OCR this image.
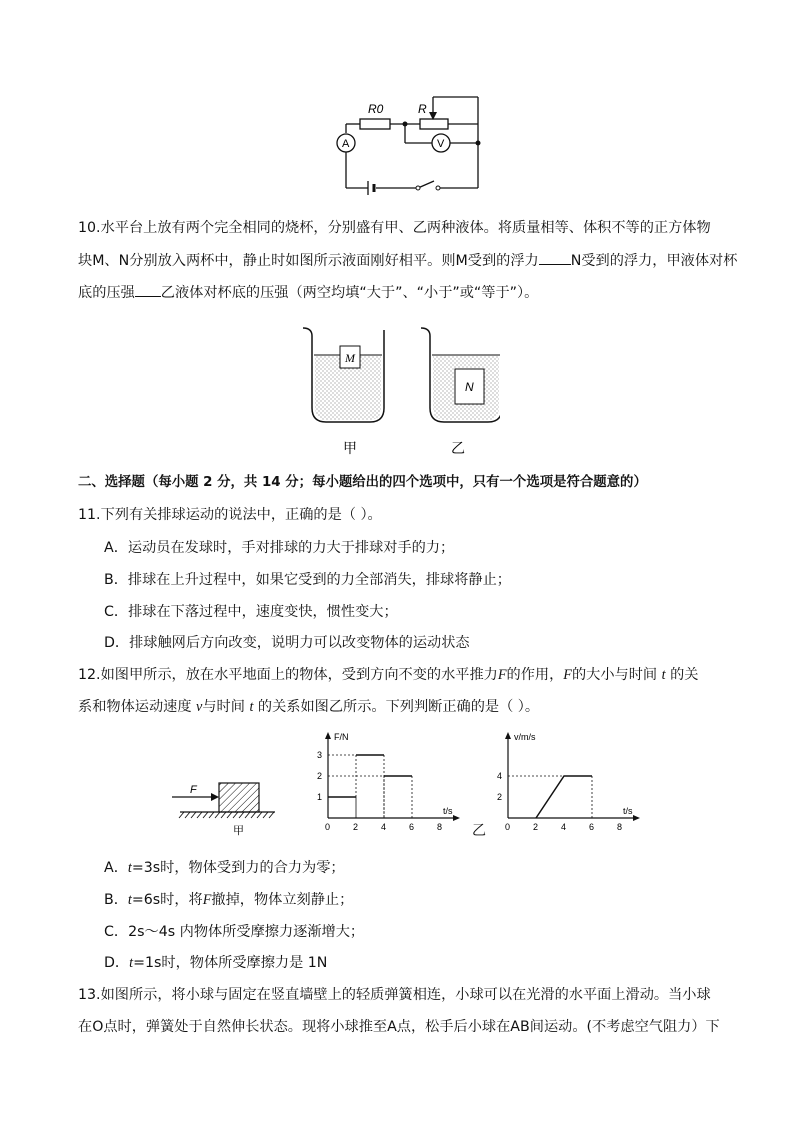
R0	R
A	V
10.水平台上放有两个完全相同的烧杯，分别盛有甲、乙两种液体。将质量相等、体积不等的正方体物
块M、N分别放入两杯中，静止时如图所示液面刚好相平。则M受到的浮力 N受到的浮力，甲液体对杯
底的压强 乙液体对杯底的压强（两空均填“大于”、“小于”或“等于”）。
M
N
甲	乙
二、选择题（每小题 2 分，共 14 分；每小题给出的四个选项中，只有一个选项是符合题意的）
11.下列有关排球运动的说法中，正确的是（ ）。
A．运动员在发球时，手对排球的力大于排球对手的力；
B．排球在上升过程中，如果它受到的力全部消失，排球将静止；
C．排球在下落过程中，速度变快，惯性变大；
D．排球触网后方向改变，说明力可以改变物体的运动状态
12.如图甲所示，放在水平地面上的物体，受到方向不变的水平推力F的作用，F的大小与时间 t 的关
系和物体运动速度 v与时间 t 的关系如图乙所示。下列判断正确的是（ ）。
F
甲
F/N
t/s
0	2	4	6	8
1
2
3
v/m/s
t/s
0	2	4	6	8
2
4
乙
A．t=3s时，物体受到力的合力为零；
B．t=6s时，将F撤掉，物体立刻静止；
C．2s～4s 内物体所受摩擦力逐渐增大；
D．t=1s时，物体所受摩擦力是 1N
13.如图所示，将小球与固定在竖直墙壁上的轻质弹簧相连，小球可以在光滑的水平面上滑动。当小球
在O点时，弹簧处于自然伸长状态。现将小球推至A点，松手后小球在AB间运动。(不考虑空气阻力）下
